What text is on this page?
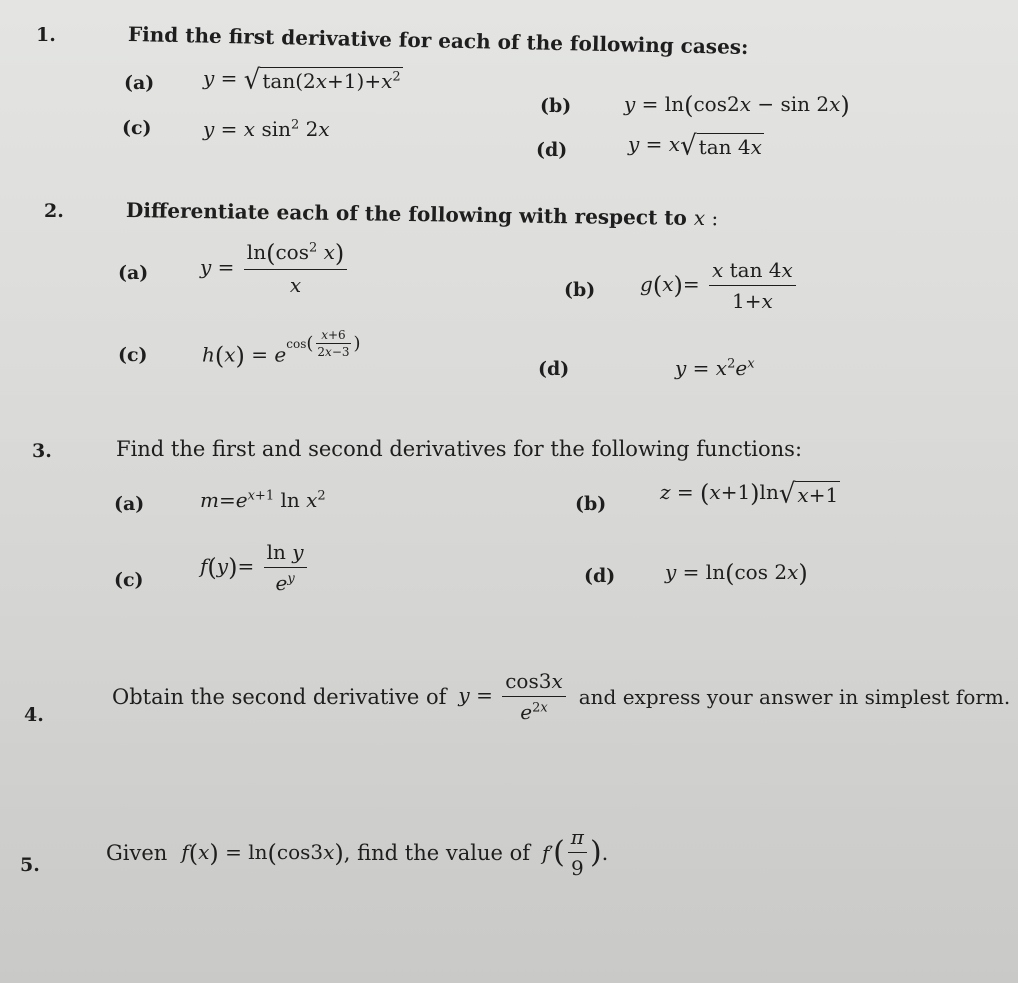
1.	Find the first derivative for each of the following cases:
(a) y = √ $\tan(2x+1)+x^2$
(b)	y = ln(cos2x − sin 2x)
(c)	y = x $\sin^2 2x$
(d)	y = x √ tan 4x
2.	Differentiate each of the following with respect to x :
(a)	$y = \frac{\ln(\cos^2 x)}{x}$	(b) $g(x)= \frac{\text{x tan 4x}}{1+x}$
(c)	h(x) = e cos ( $\frac{x+6}{2x-3}$ )
(d)	$y = x^2e^x$
3.	Find the first and second derivatives for the following functions:
(a)	$m=e^{x+1}$ $\ln x^2$	(b)	z = (x+1)ln √ x+1
(c)
$f(y)= \frac{\text{ln y}}{e^y}$	(d) y = ln(cos 2x)
4.
Obtain the second derivative of $y = \frac{\cos 3x}{e^{2x}}$ and express your answer in simplest form.
5.
Given f(x) = ln(cos3x) , find the value of f ′ ( $\frac{\pi}{9}$ ) .
